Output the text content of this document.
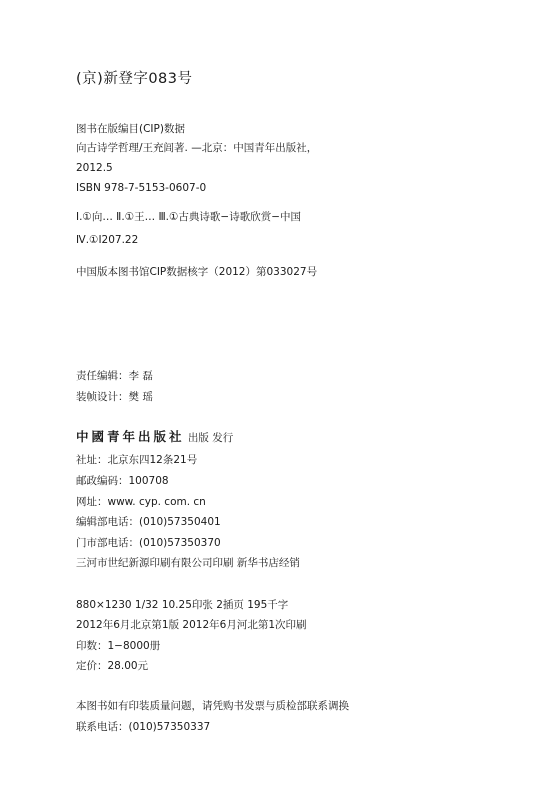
(京)新登字083号
图书在版编目(CIP)数据
向古诗学哲理/王充闾著. —北京：中国青年出版社，
2012.5
ISBN 978-7-5153-0607-0
Ⅰ.①向… Ⅱ.①王… Ⅲ.①古典诗歌−诗歌欣赏−中国
Ⅳ.①I207.22
中国版本图书馆CIP数据核字（2012）第033027号
责任编辑：李 磊
装帧设计：樊 瑶
中國青年出版社 出版 发行
社址：北京东四12条21号
邮政编码：100708
网址：www. cyp. com. cn
编辑部电话：(010)57350401
门市部电话：(010)57350370
三河市世纪新源印刷有限公司印刷 新华书店经销
880×1230 1/32 10.25印张 2插页 195千字
2012年6月北京第1版 2012年6月河北第1次印刷
印数：1−8000册
定价：28.00元
本图书如有印装质量问题，请凭购书发票与质检部联系调换
联系电话：(010)57350337
